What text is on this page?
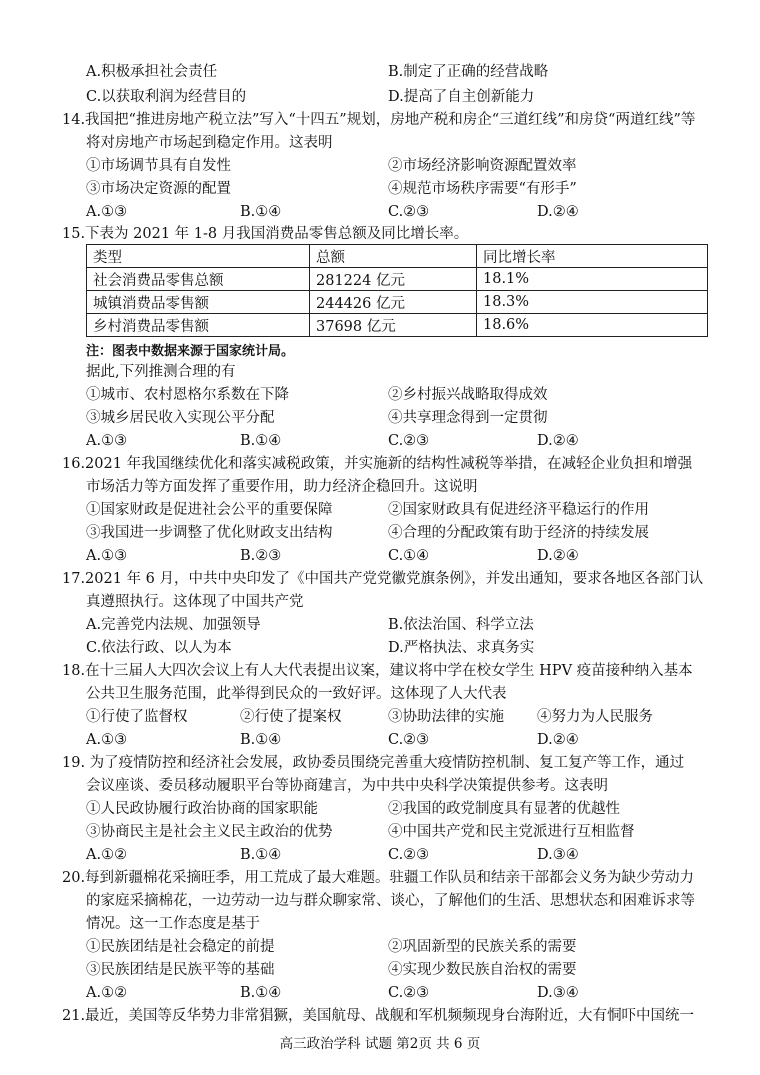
A.积极承担社会责任	B.制定了正确的经营战略
C.以获取利润为经营目的	D.提高了自主创新能力
14.我国把“推进房地产税立法”写入“十四五”规划，房地产税和房企“三道红线”和房贷“两道红线”等
将对房地产市场起到稳定作用。这表明
①市场调节具有自发性	②市场经济影响资源配置效率
③市场决定资源的配置	④规范市场秩序需要“有形手”
A.①③	B.①④	C.②③	D.②④
15.下表为 2021 年 1-8 月我国消费品零售总额及同比增长率。
类型	总额	同比增长率
社会消费品零售总额	281224 亿元	18.1%
城镇消费品零售额	244426 亿元	18.3%
乡村消费品零售额	37698 亿元	18.6%
注：图表中数据来源于国家统计局。
据此,下列推测合理的有
①城市、农村恩格尔系数在下降	②乡村振兴战略取得成效
③城乡居民收入实现公平分配	④共享理念得到一定贯彻
A.①③	B.①④	C.②③	D.②④
16.2021 年我国继续优化和落实减税政策，并实施新的结构性减税等举措，在减轻企业负担和增强
市场活力等方面发挥了重要作用，助力经济企稳回升。这说明
①国家财政是促进社会公平的重要保障	②国家财政具有促进经济平稳运行的作用
③我国进一步调整了优化财政支出结构	④合理的分配政策有助于经济的持续发展
A.①③	B.②③	C.①④	D.②④
17.2021 年 6 月，中共中央印发了《中国共产党党徽党旗条例》，并发出通知，要求各地区各部门认
真遵照执行。这体现了中国共产党
A.完善党内法规、加强领导	B.依法治国、科学立法
C.依法行政、以人为本	D.严格执法、求真务实
18.在十三届人大四次会议上有人大代表提出议案，建议将中学在校女学生 HPV 疫苗接种纳入基本
公共卫生服务范围，此举得到民众的一致好评。这体现了人大代表
①行使了监督权	②行使了提案权	③协助法律的实施 ④努力为人民服务
A.①③	B.①④	C.②③	D.②④
19. 为了疫情防控和经济社会发展，政协委员围绕完善重大疫情防控机制、复工复产等工作，通过
会议座谈、委员移动履职平台等协商建言，为中共中央科学决策提供参考。这表明
①人民政协履行政治协商的国家职能	②我国的政党制度具有显著的优越性
③协商民主是社会主义民主政治的优势	④中国共产党和民主党派进行互相监督
A.①②	B.①④	C.②③	D.③④
20.每到新疆棉花采摘旺季，用工荒成了最大难题。驻疆工作队员和结亲干部都会义务为缺少劳动力
的家庭采摘棉花，一边劳动一边与群众聊家常、谈心，了解他们的生活、思想状态和困难诉求等
情况。这一工作态度是基于
①民族团结是社会稳定的前提	②巩固新型的民族关系的需要
③民族团结是民族平等的基础	④实现少数民族自治权的需要
A.①②	B.①④	C.②③	D.③④
21.最近，美国等反华势力非常猖獗，美国航母、战舰和军机频频现身台海附近，大有恫吓中国统一
高三政治学科 试题 第2页 共 6 页
